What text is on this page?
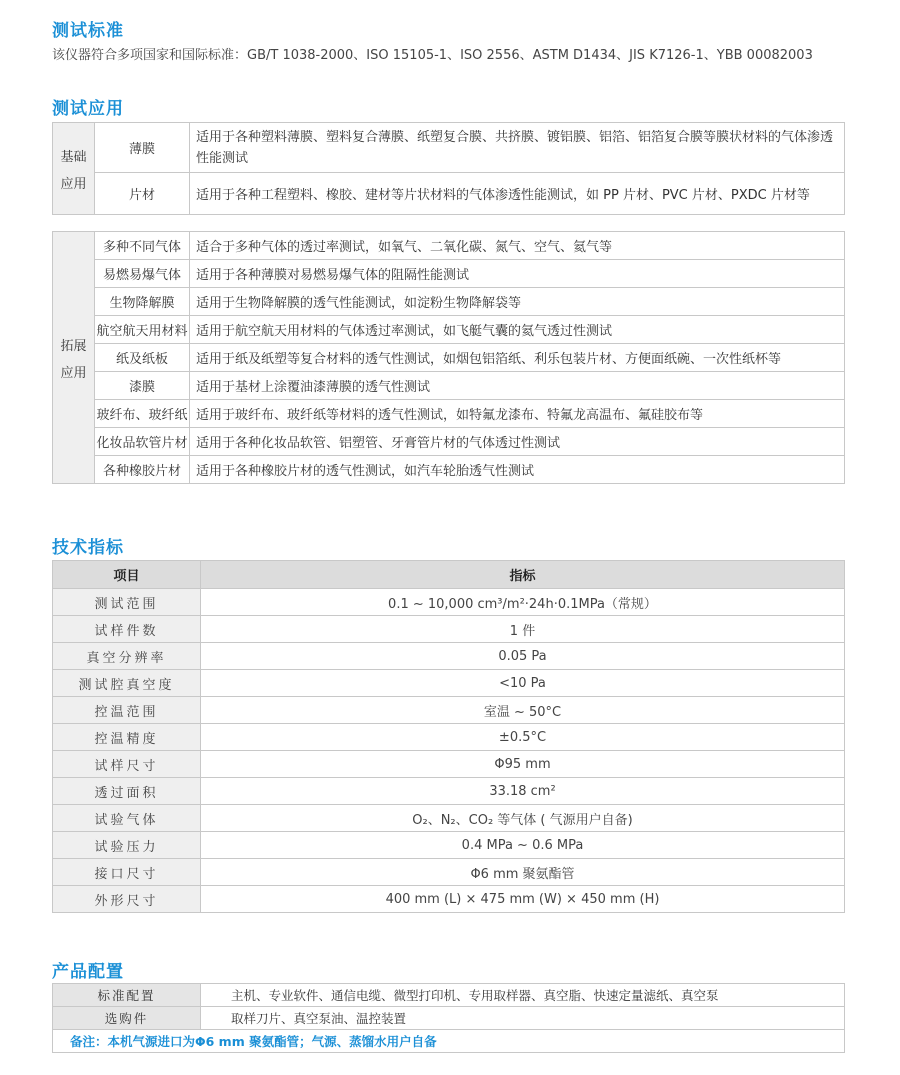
测试标准
该仪器符合多项国家和国际标准：GB/T 1038-2000、ISO 15105-1、ISO 2556、ASTM D1434、JIS K7126-1、YBB 00082003
测试应用
基础
应用	薄膜	适用于各种塑料薄膜、塑料复合薄膜、纸塑复合膜、共挤膜、镀铝膜、铝箔、铝箔复合膜等膜状材料的气体渗透性能测试
	片材	适用于各种工程塑料、橡胶、建材等片状材料的气体渗透性能测试，如 PP 片材、PVC 片材、PXDC 片材等
拓展
应用	多种不同气体	适合于多种气体的透过率测试，如氧气、二氧化碳、氮气、空气、氦气等
	易燃易爆气体	适用于各种薄膜对易燃易爆气体的阻隔性能测试
	生物降解膜	适用于生物降解膜的透气性能测试，如淀粉生物降解袋等
	航空航天用材料	适用于航空航天用材料的气体透过率测试，如飞艇气囊的氦气透过性测试
	纸及纸板	适用于纸及纸塑等复合材料的透气性测试，如烟包铝箔纸、利乐包装片材、方便面纸碗、一次性纸杯等
	漆膜	适用于基材上涂覆油漆薄膜的透气性测试
	玻纤布、玻纤纸	适用于玻纤布、玻纤纸等材料的透气性测试，如特氟龙漆布、特氟龙高温布、氟硅胶布等
	化妆品软管片材	适用于各种化妆品软管、铝塑管、牙膏管片材的气体透过性测试
	各种橡胶片材	适用于各种橡胶片材的透气性测试，如汽车轮胎透气性测试
技术指标
项目	指标
测试范围	0.1 ~ 10,000 cm³/m²·24h·0.1MPa（常规）
试样件数	1 件
真空分辨率	0.05 Pa
测试腔真空度	<10 Pa
控温范围	室温 ~ 50°C
控温精度	±0.5°C
试样尺寸	Φ95 mm
透过面积	33.18 cm²
试验气体	O₂、N₂、CO₂ 等气体 ( 气源用户自备)
试验压力	0.4 MPa ~ 0.6 MPa
接口尺寸	Φ6 mm 聚氨酯管
外形尺寸	400 mm (L) × 475 mm (W) × 450 mm (H)
产品配置
标准配置	主机、专业软件、通信电缆、微型打印机、专用取样器、真空脂、快速定量滤纸、真空泵
选购件	取样刀片、真空泵油、温控装置
备注：本机气源进口为Φ6 mm 聚氨酯管；气源、蒸馏水用户自备	
